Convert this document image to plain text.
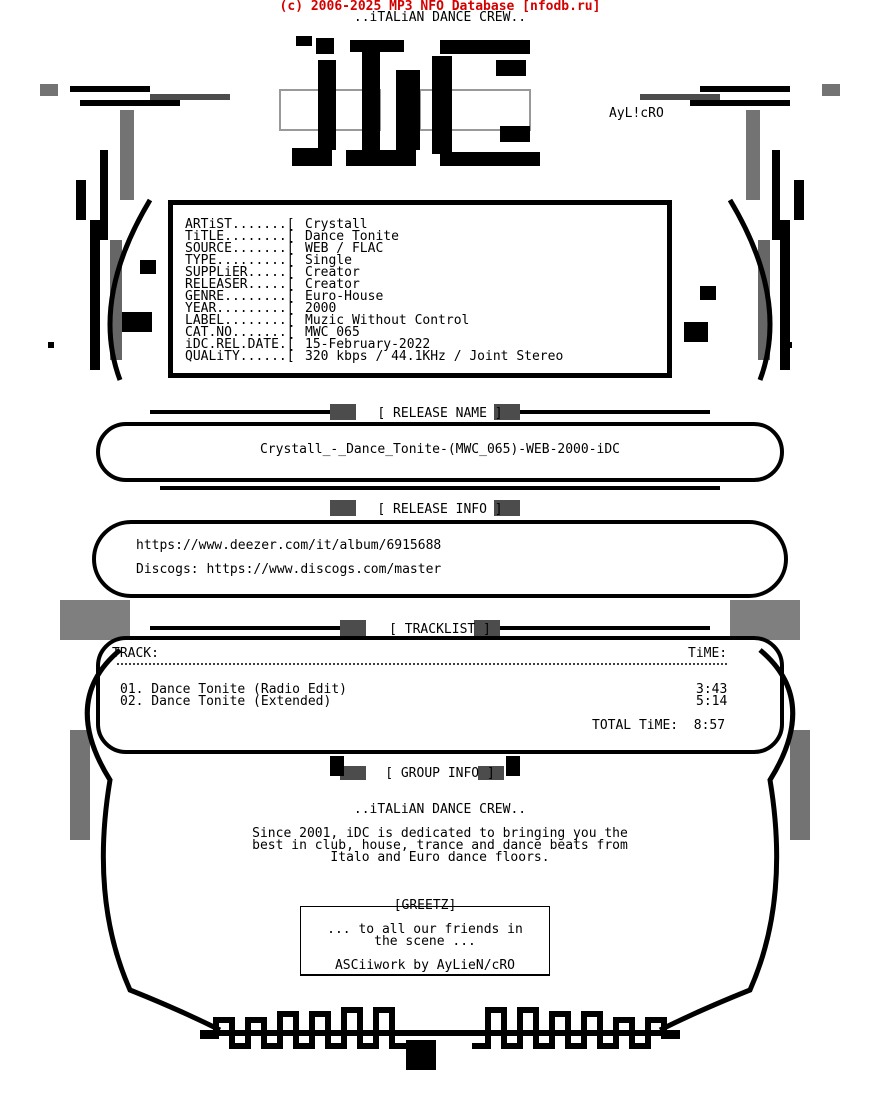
(c) 2006-2025 MP3 NFO Database [nfodb.ru]
..iTALiAN DANCE CREW..
AyL!cRO
ARTiST.......[ Crystall
TiTLE........[ Dance Tonite
SOURCE.......[ WEB / FLAC
TYPE.........[ Single
SUPPLiER.....[ Creator
RELEASER.....[ Creator
GENRE........[ Euro-House
YEAR.........[ 2000
LABEL........[ Muzic Without Control
CAT.NO.......[ MWC 065
iDC.REL.DATE.[ 15-February-2022
QUALiTY......[ 320 kbps / 44.1KHz / Joint Stereo
[ RELEASE NAME ]
Crystall_-_Dance_Tonite-(MWC_065)-WEB-2000-iDC
[ RELEASE INFO ]
https://www.deezer.com/it/album/6915688
Discogs: https://www.discogs.com/master
[ TRACKLIST ]
TRACK:	TiME:
01. Dance Tonite (Radio Edit)	3:43
02. Dance Tonite (Extended)	5:14
TOTAL TiME:  8:57
[ GROUP INFO ]
..iTALiAN DANCE CREW..
Since 2001, iDC is dedicated to bringing you the
best in club, house, trance and dance beats from
Italo and Euro dance floors.
[GREETZ]
... to all our friends in
the scene ...
ASCiiwork by AyLieN/cRO
